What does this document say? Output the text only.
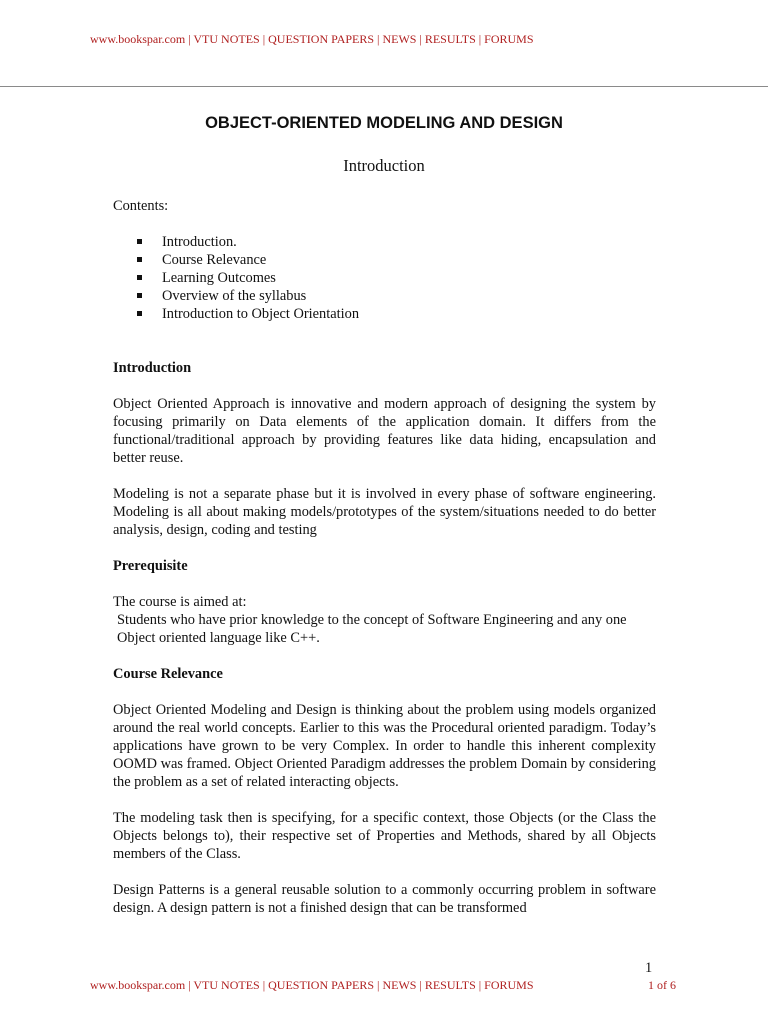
www.bookspar.com | VTU NOTES | QUESTION PAPERS | NEWS | RESULTS | FORUMS
OBJECT-ORIENTED MODELING AND DESIGN
Introduction

Contents:

Introduction.
Course Relevance
Learning Outcomes
Overview of the syllabus
Introduction to Object Orientation
Introduction

Object Oriented Approach is innovative and modern approach of designing the system by focusing primarily on Data elements of the application domain. It differs from the functional/traditional approach by providing features like data hiding, encapsulation and better reuse.

Modeling is not a separate phase but it is involved in every phase of software engineering. Modeling is all about making models/prototypes of the system/situations needed to do better analysis, design, coding and testing

Prerequisite

The course is aimed at:

Students who have prior knowledge to the concept of Software Engineering and any one

Object oriented language like C++.

Course Relevance

Object Oriented Modeling and Design is thinking about the problem using models organized around the real world concepts. Earlier to this was the Procedural oriented paradigm. Today’s applications have grown to be very Complex. In order to handle this inherent complexity OOMD was framed. Object Oriented Paradigm addresses the problem Domain by considering the problem as a set of related interacting objects.

The modeling task then is specifying, for a specific context, those Objects (or the Class the Objects belongs to), their respective set of Properties and Methods, shared by all Objects members of the Class.

Design Patterns is a general reusable solution to a commonly occurring problem in software design. A design pattern is not a finished design that can be transformed

1
www.bookspar.com | VTU NOTES | QUESTION PAPERS | NEWS | RESULTS | FORUMS	1 of 6
